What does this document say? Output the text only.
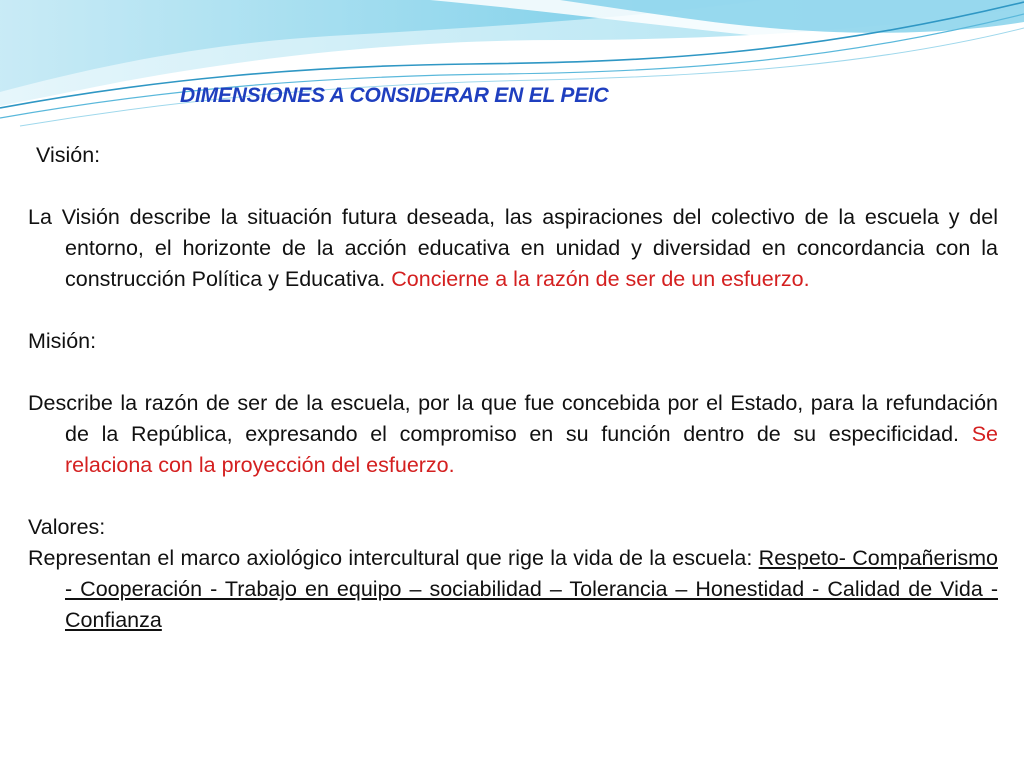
DIMENSIONES A CONSIDERAR EN EL PEIC

Visión:

La Visión describe la situación futura deseada, las aspiraciones del colectivo de la escuela y del entorno, el horizonte de la acción educativa en unidad y diversidad en concordancia con la construcción Política y Educativa. Concierne a la razón de ser de un esfuerzo.

Misión:

Describe la razón de ser de la escuela, por la que fue concebida por el Estado, para la refundación de la República, expresando el compromiso en su función dentro de su especificidad. Se relaciona con la proyección del esfuerzo.

Valores:

Representan el marco axiológico intercultural que rige la vida de la escuela: Respeto- Compañerismo - Cooperación - Trabajo en equipo – sociabilidad – Tolerancia – Honestidad - Calidad de Vida - Confianza
